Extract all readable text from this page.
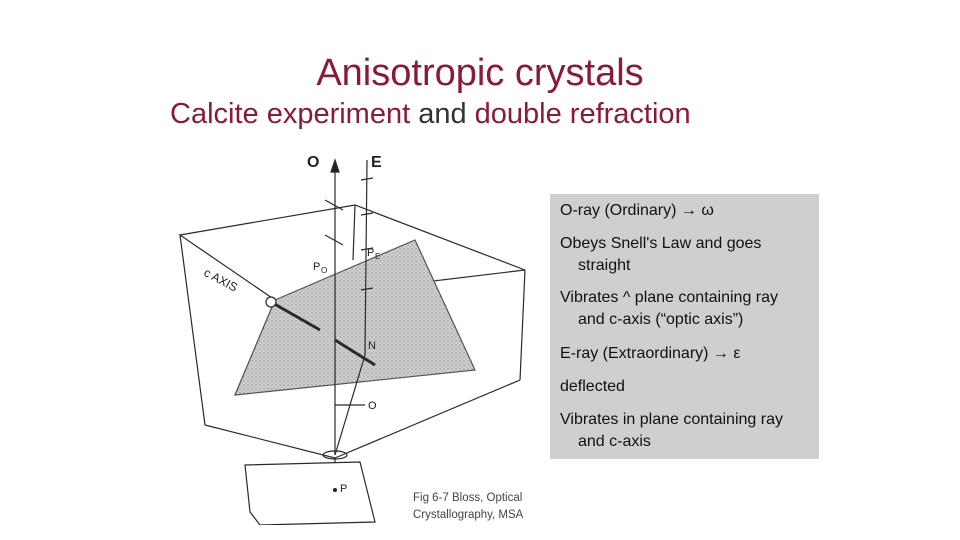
Anisotropic crystals
Calcite experiment and double refraction
O	E
c AXIS	P O
P E
N
O
P
Fig 6-7 Bloss, Optical
Crystallography, MSA
O-ray (Ordinary) → ω
Obeys Snell's Law and goes
straight
Vibrates ^ plane containing ray
and c-axis (“optic axis”)
E-ray (Extraordinary) → ε
deflected
Vibrates in plane containing ray
and c-axis
